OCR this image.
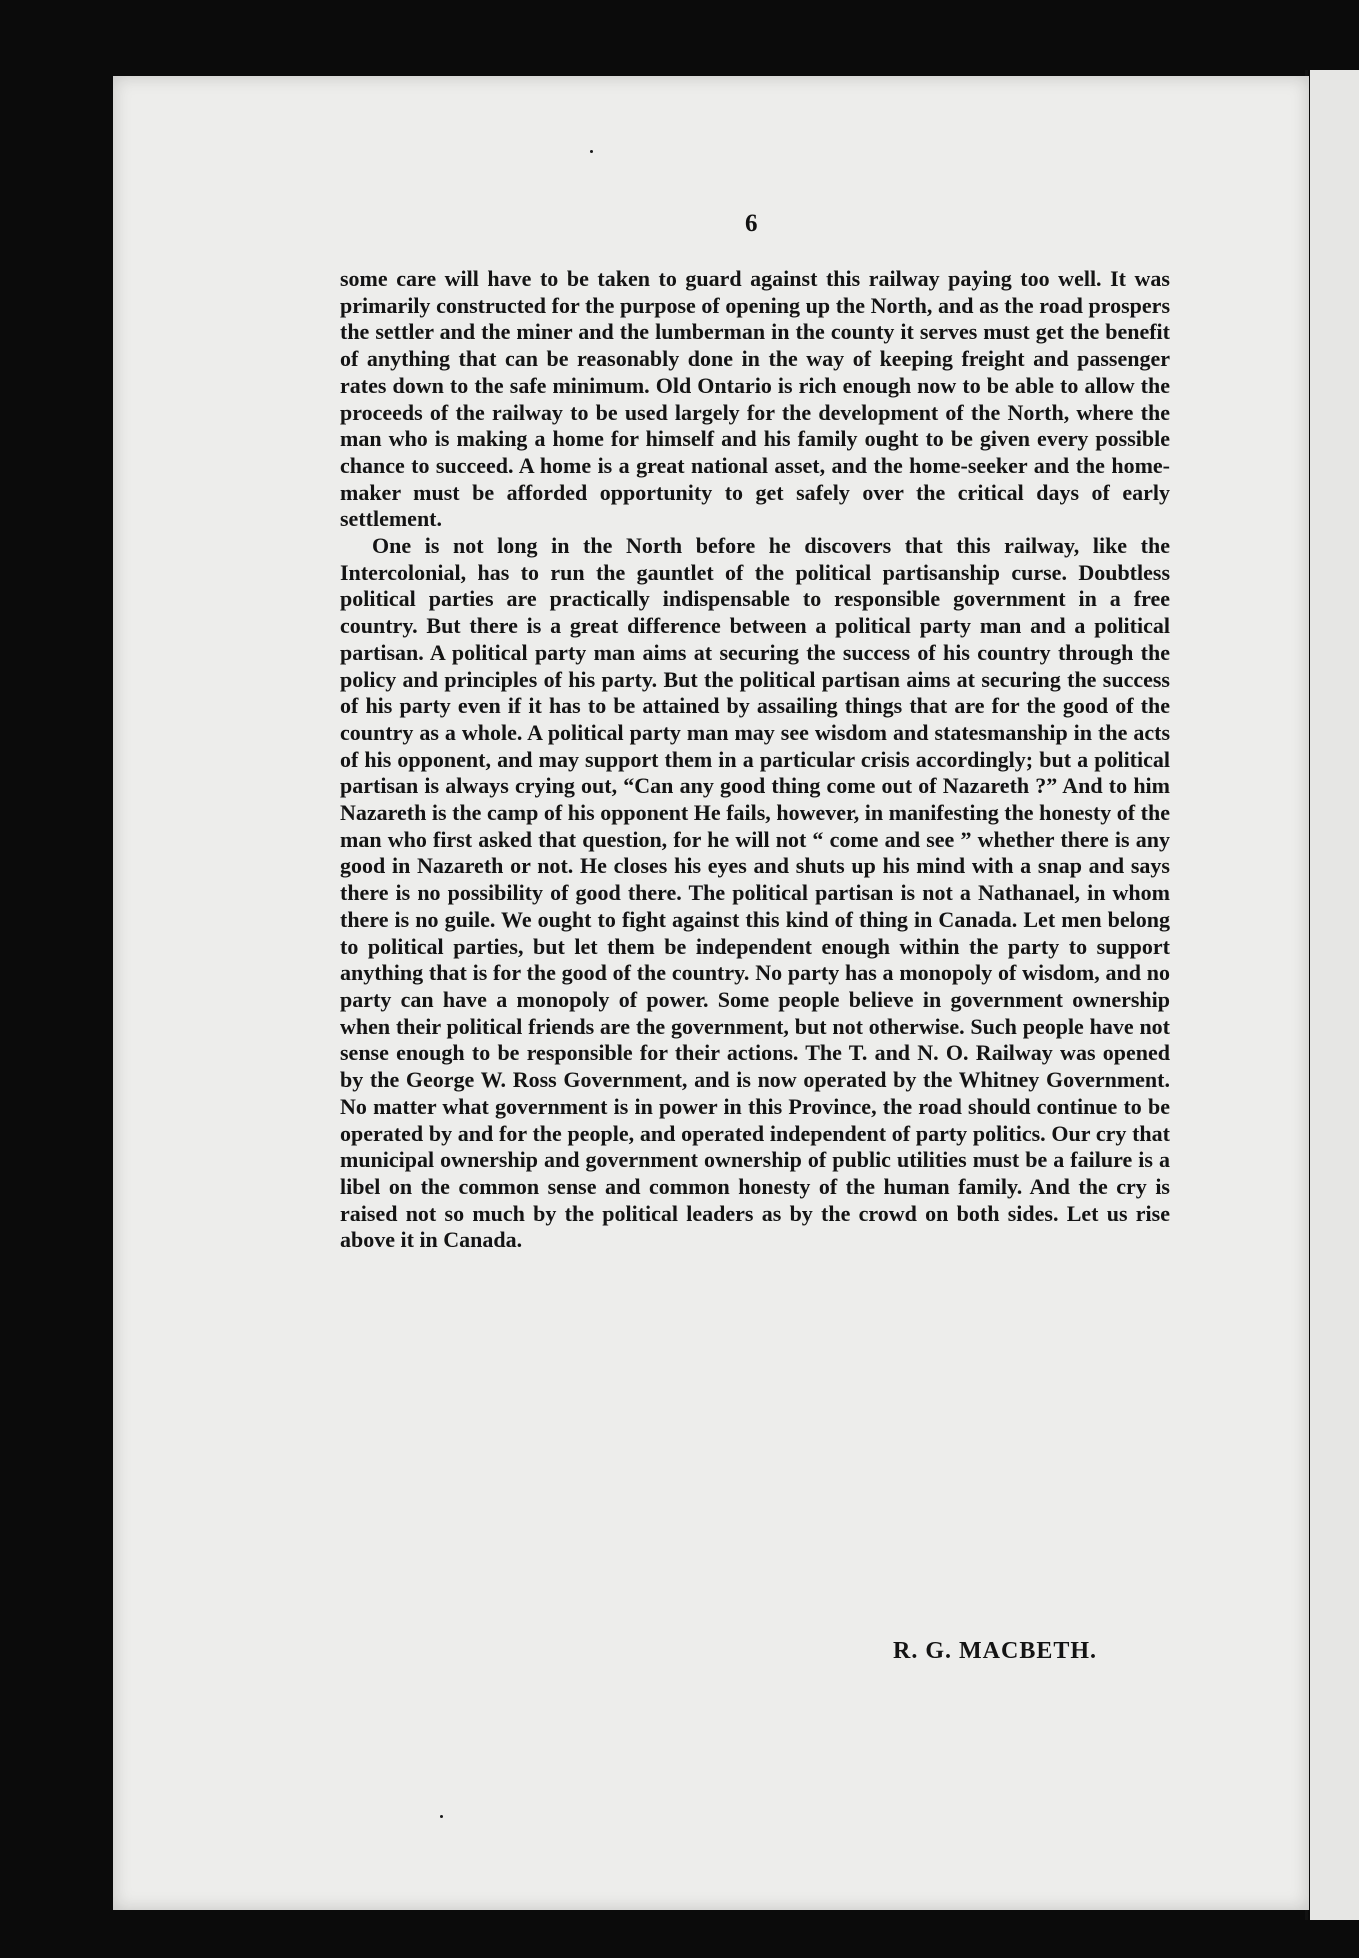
6

some care will have to be taken to guard against this railway paying too well. It was primarily constructed for the purpose of opening up the North, and as the road prospers the settler and the miner and the lumberman in the county it serves must get the benefit of anything that can be reasonably done in the way of keeping freight and passenger rates down to the safe minimum. Old Ontario is rich enough now to be able to allow the proceeds of the railway to be used largely for the development of the North, where the man who is making a home for himself and his family ought to be given every possible chance to succeed. A home is a great national asset, and the home-seeker and the home-maker must be afforded opportunity to get safely over the critical days of early settlement.

One is not long in the North before he discovers that this railway, like the Intercolonial, has to run the gauntlet of the political partisanship curse. Doubtless political parties are practically indispensable to responsible government in a free country. But there is a great difference between a political party man and a political partisan. A political party man aims at securing the success of his country through the policy and principles of his party. But the political partisan aims at securing the success of his party even if it has to be attained by assailing things that are for the good of the country as a whole. A political party man may see wisdom and statesmanship in the acts of his opponent, and may support them in a particular crisis accordingly; but a political partisan is always crying out, “Can any good thing come out of Nazareth ?” And to him Nazareth is the camp of his opponent He fails, however, in manifesting the honesty of the man who first asked that question, for he will not “ come and see ” whether there is any good in Nazareth or not. He closes his eyes and shuts up his mind with a snap and says there is no possibility of good there. The political partisan is not a Nathanael, in whom there is no guile. We ought to fight against this kind of thing in Canada. Let men belong to political parties, but let them be independent enough within the party to support anything that is for the good of the country. No party has a monopoly of wisdom, and no party can have a monopoly of power. Some people believe in government ownership when their political friends are the government, but not otherwise. Such people have not sense enough to be responsible for their actions. The T. and N. O. Railway was opened by the George W. Ross Government, and is now operated by the Whitney Government. No matter what government is in power in this Province, the road should continue to be operated by and for the people, and operated independent of party politics. Our cry that municipal ownership and government ownership of public utilities must be a failure is a libel on the common sense and common honesty of the human family. And the cry is raised not so much by the political leaders as by the crowd on both sides. Let us rise above it in Canada.

R. G. MACBETH.
